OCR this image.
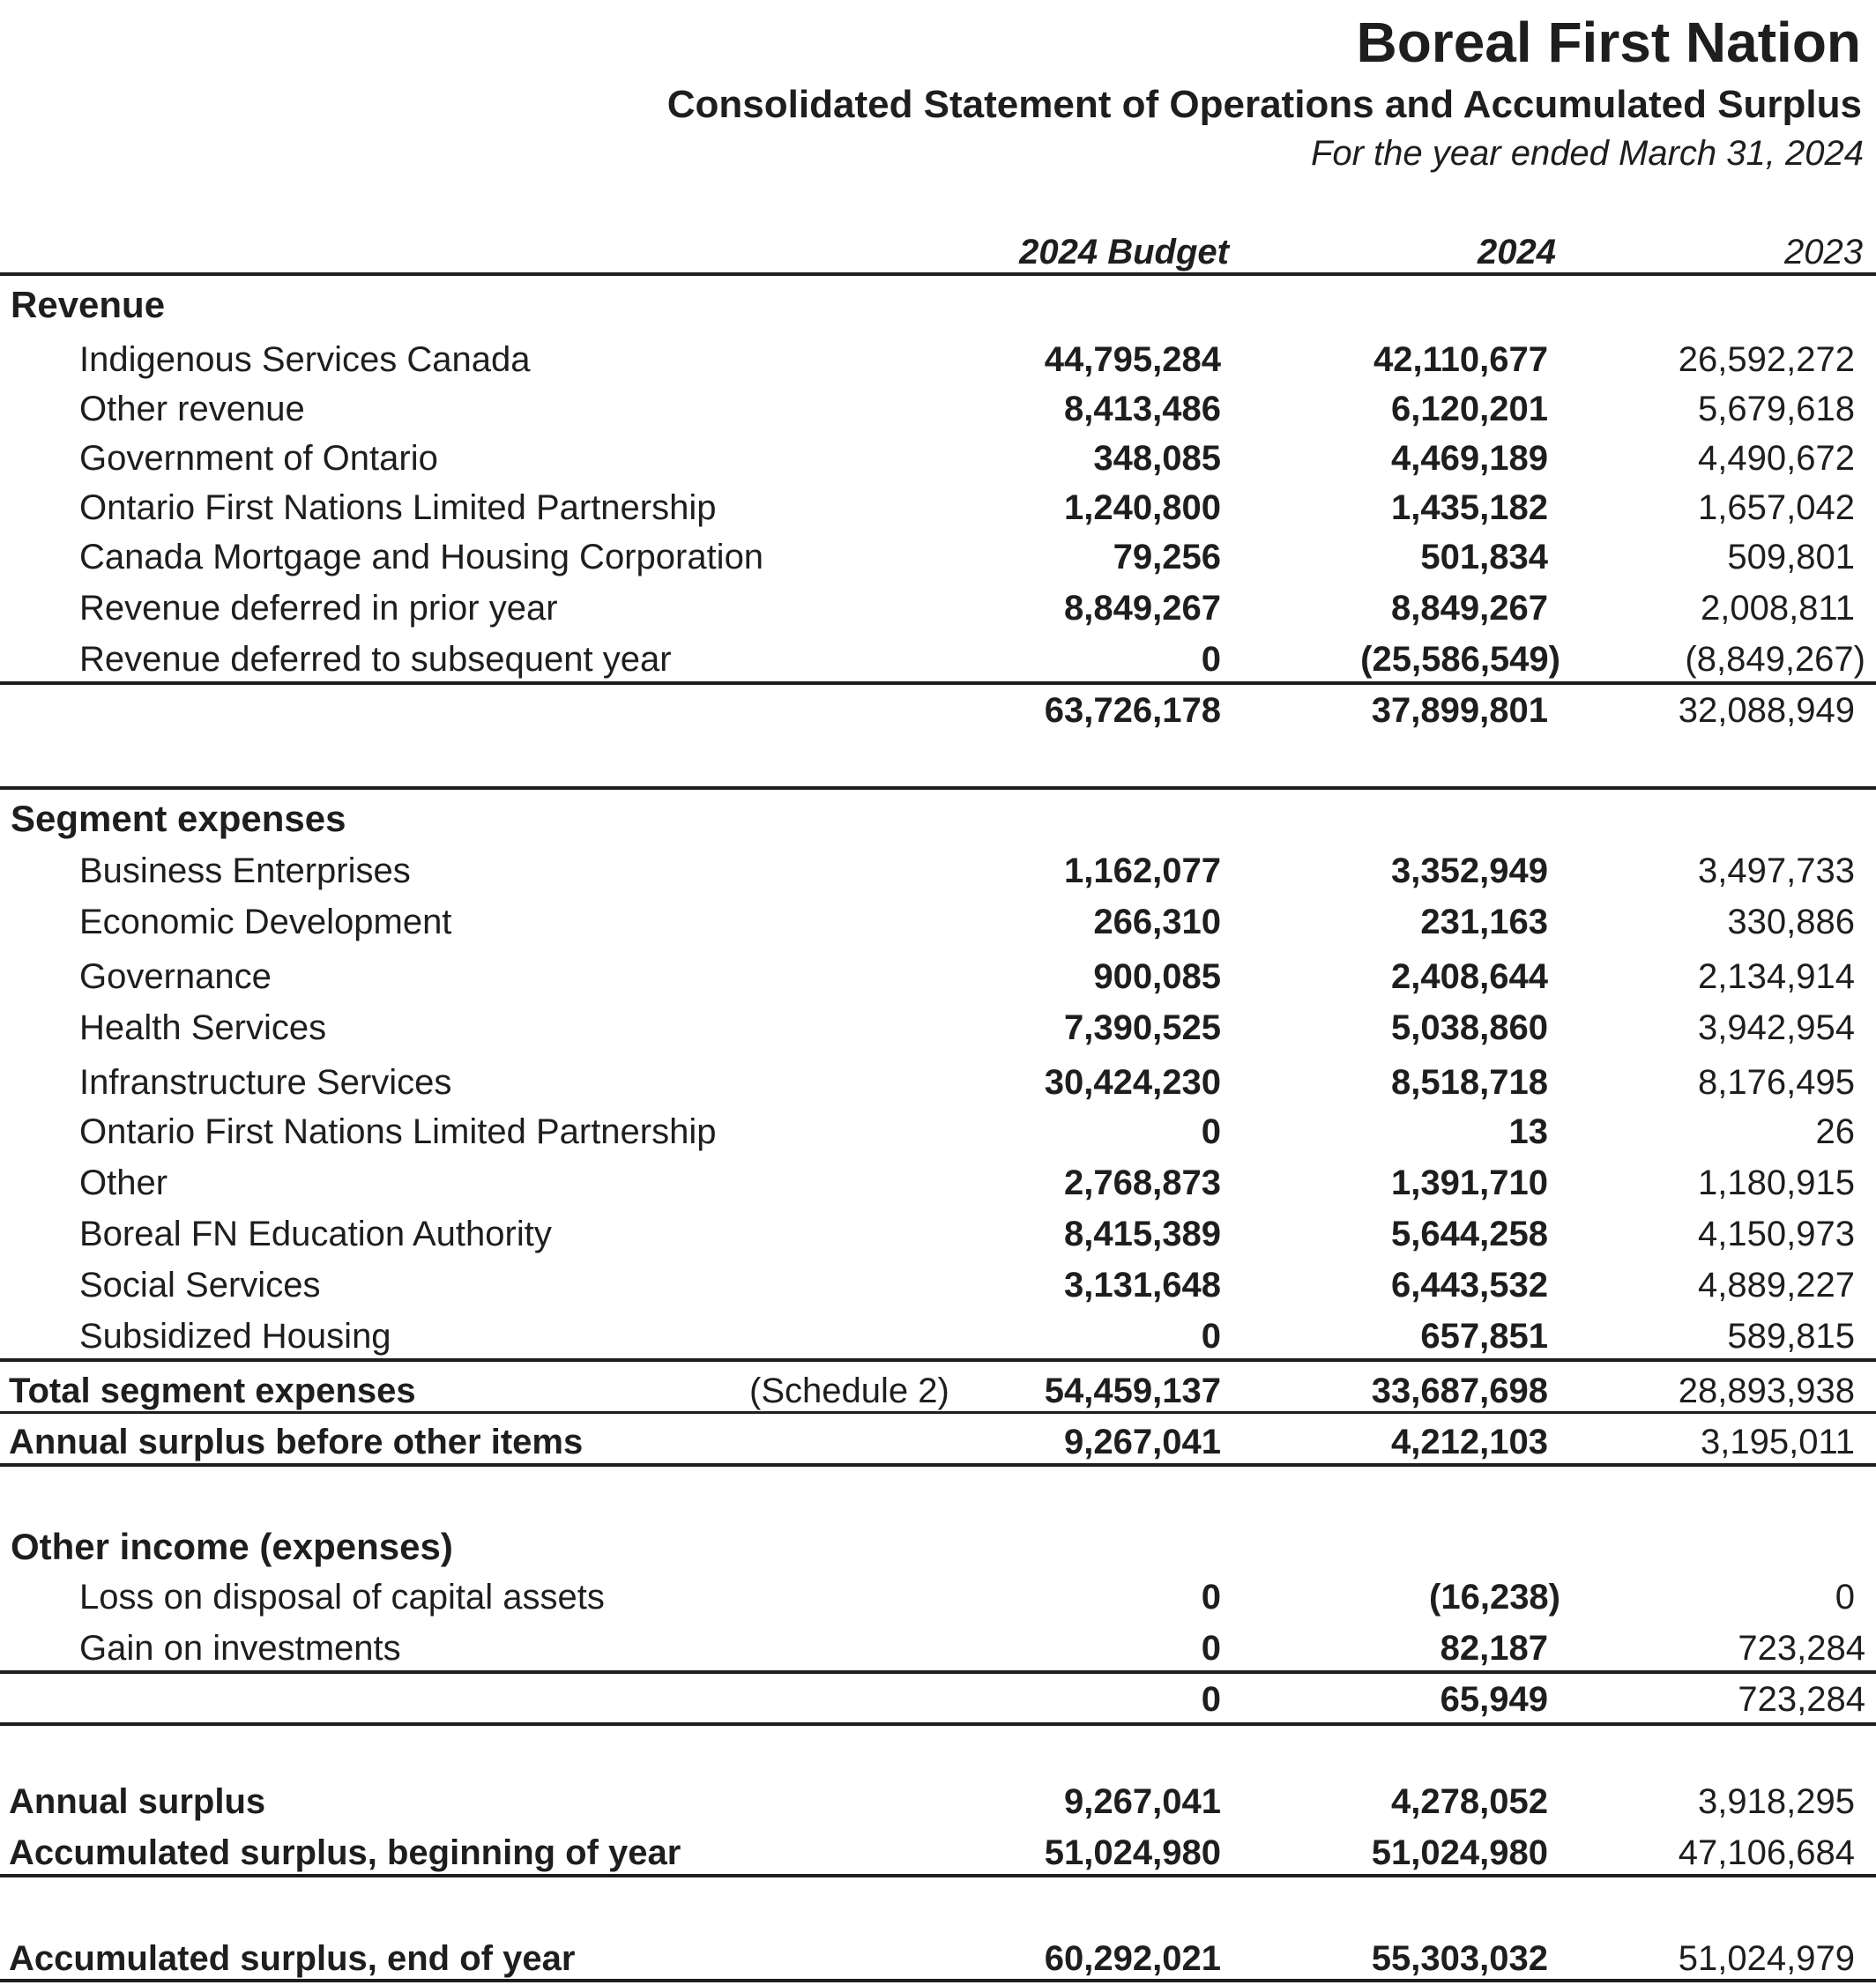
Boreal First Nation
Consolidated Statement of Operations and Accumulated Surplus
For the year ended March 31, 2024
2024 Budget	2024	2023
Revenue
Indigenous Services Canada	44,795,284	42,110,677	26,592,272
Other revenue	8,413,486	6,120,201	5,679,618
Government of Ontario	348,085	4,469,189	4,490,672
Ontario First Nations Limited Partnership	1,240,800	1,435,182	1,657,042
Canada Mortgage and Housing Corporation	79,256	501,834	509,801
Revenue deferred in prior year	8,849,267	8,849,267	2,008,811
Revenue deferred to subsequent year	0	(25,586,549)	(8,849,267)
63,726,178	37,899,801	32,088,949
Segment expenses
Business Enterprises	1,162,077	3,352,949	3,497,733
Economic Development	266,310	231,163	330,886
Governance	900,085	2,408,644	2,134,914
Health Services	7,390,525	5,038,860	3,942,954
Infranstructure Services	30,424,230	8,518,718	8,176,495
Ontario First Nations Limited Partnership	0	13	26
Other	2,768,873	1,391,710	1,180,915
Boreal FN Education Authority	8,415,389	5,644,258	4,150,973
Social Services	3,131,648	6,443,532	4,889,227
Subsidized Housing	0	657,851	589,815
Total segment expenses	(Schedule 2)	54,459,137	33,687,698	28,893,938
Annual surplus before other items	9,267,041	4,212,103	3,195,011
Other income (expenses)
Loss on disposal of capital assets	0	(16,238)	0
Gain on investments	0	82,187	723,284
0	65,949	723,284
Annual surplus	9,267,041	4,278,052	3,918,295
Accumulated surplus, beginning of year	51,024,980	51,024,980	47,106,684
Accumulated surplus, end of year	60,292,021	55,303,032	51,024,979
